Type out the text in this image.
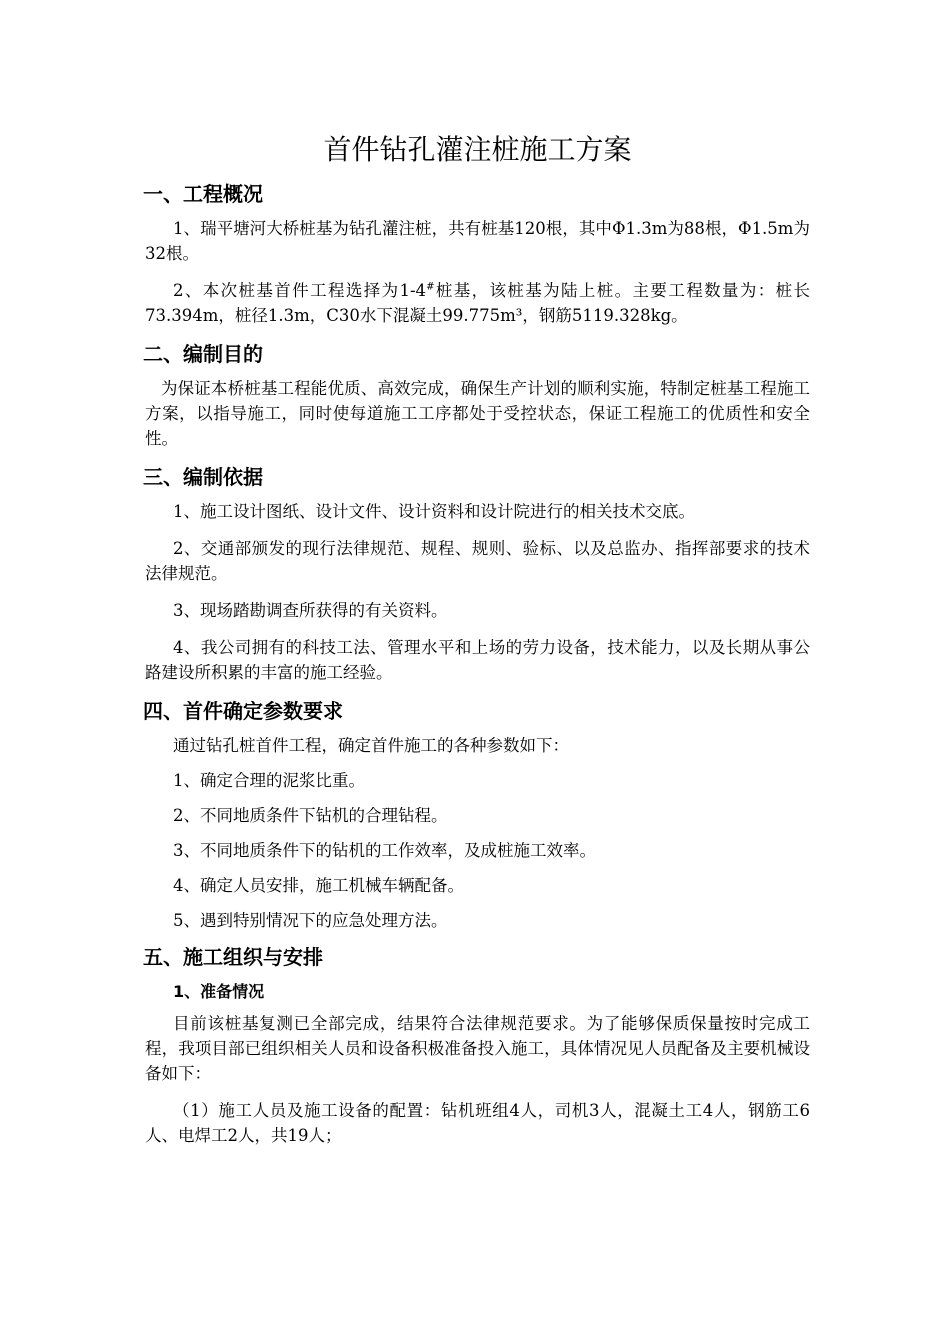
首件钻孔灌注桩施工方案
一、工程概况

1、瑞平塘河大桥桩基为钻孔灌注桩，共有桩基120根，其中Φ1.3m为88根，Φ1.5m为32根。

2、本次桩基首件工程选择为1-4#桩基，该桩基为陆上桩。主要工程数量为：桩长73.394m，桩径1.3m，C30水下混凝土99.775m³，钢筋5119.328kg。

二、编制目的

为保证本桥桩基工程能优质、高效完成，确保生产计划的顺利实施，特制定桩基工程施工方案，以指导施工，同时使每道施工工序都处于受控状态，保证工程施工的优质性和安全性。

三、编制依据

1、施工设计图纸、设计文件、设计资料和设计院进行的相关技术交底。

2、交通部颁发的现行法律规范、规程、规则、验标、以及总监办、指挥部要求的技术法律规范。

3、现场踏勘调查所获得的有关资料。

4、我公司拥有的科技工法、管理水平和上场的劳力设备，技术能力，以及长期从事公路建设所积累的丰富的施工经验。

四、首件确定参数要求

通过钻孔桩首件工程，确定首件施工的各种参数如下：

1、确定合理的泥浆比重。

2、不同地质条件下钻机的合理钻程。

3、不同地质条件下的钻机的工作效率，及成桩施工效率。

4、确定人员安排，施工机械车辆配备。

5、遇到特别情况下的应急处理方法。

五、施工组织与安排
1、准备情况

目前该桩基复测已全部完成，结果符合法律规范要求。为了能够保质保量按时完成工程，我项目部已组织相关人员和设备积极准备投入施工，具体情况见人员配备及主要机械设备如下：

（1）施工人员及施工设备的配置：钻机班组4人，司机3人，混凝土工4人，钢筋工6人、电焊工2人，共19人；
